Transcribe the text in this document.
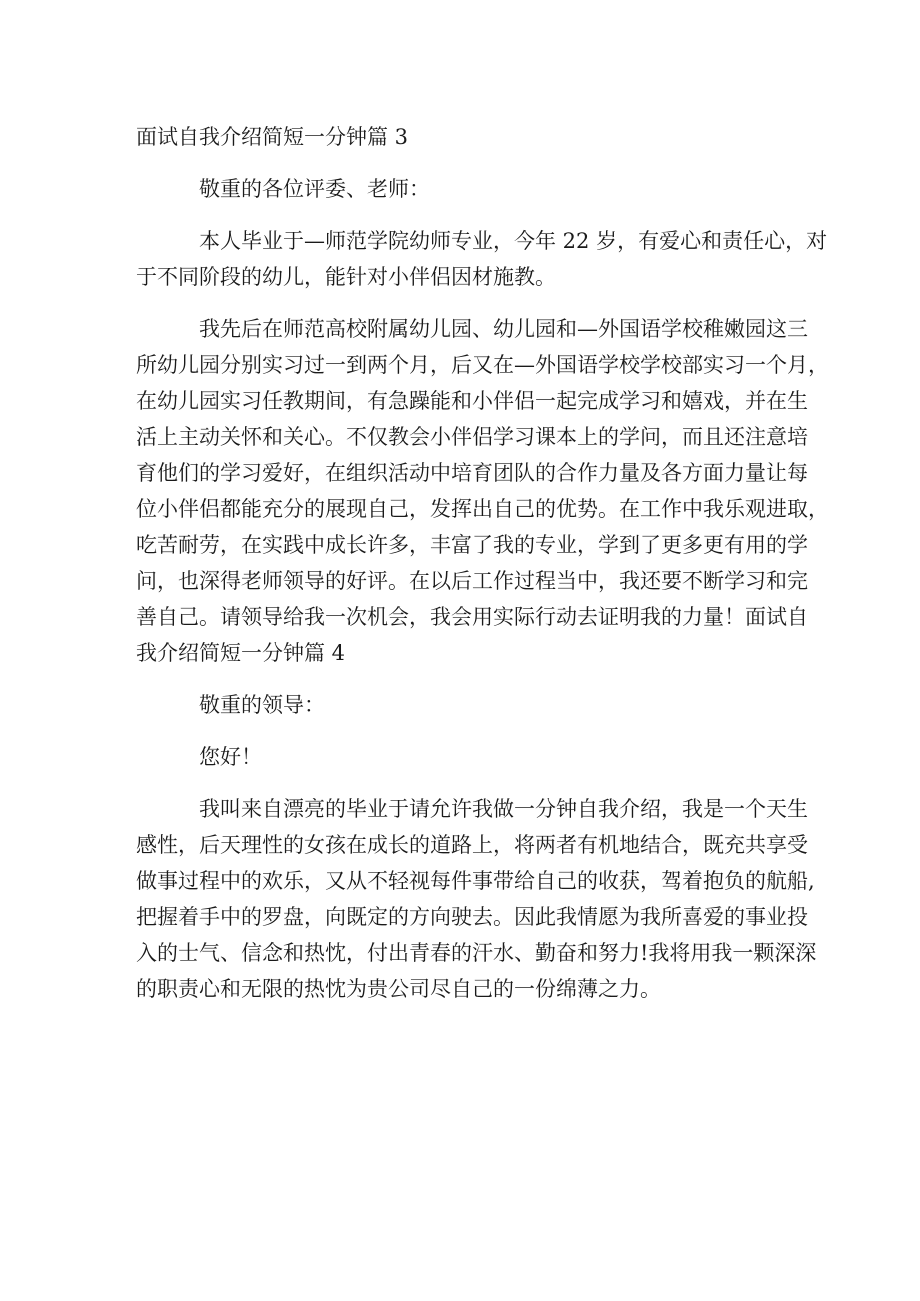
面试自我介绍简短一分钟篇 3
敬重的各位评委、老师：
本人毕业于—师范学院幼师专业，今年 22 岁，有爱心和责任心，对
于不同阶段的幼儿，能针对小伴侣因材施教。
我先后在师范高校附属幼儿园、幼儿园和—外国语学校稚嫩园这三
所幼儿园分别实习过一到两个月，后又在—外国语学校学校部实习一个月，
在幼儿园实习任教期间，有急躁能和小伴侣一起完成学习和嬉戏，并在生
活上主动关怀和关心。不仅教会小伴侣学习课本上的学问，而且还注意培
育他们的学习爱好，在组织活动中培育团队的合作力量及各方面力量让每
位小伴侣都能充分的展现自己，发挥出自己的优势。在工作中我乐观进取，
吃苦耐劳，在实践中成长许多，丰富了我的专业，学到了更多更有用的学
问，也深得老师领导的好评。在以后工作过程当中，我还要不断学习和完
善自己。请领导给我一次机会，我会用实际行动去证明我的力量！面试自
我介绍简短一分钟篇 4
敬重的领导：
您好！
我叫来自漂亮的毕业于请允许我做一分钟自我介绍，我是一个天生
感性，后天理性的女孩在成长的道路上，将两者有机地结合，既充共享受
做事过程中的欢乐，又从不轻视每件事带给自己的收获，驾着抱负的航船,
把握着手中的罗盘，向既定的方向驶去。因此我情愿为我所喜爱的事业投
入的士气、信念和热忱，付出青春的汗水、勤奋和努力!我将用我一颗深深
的职责心和无限的热忱为贵公司尽自己的一份绵薄之力。
